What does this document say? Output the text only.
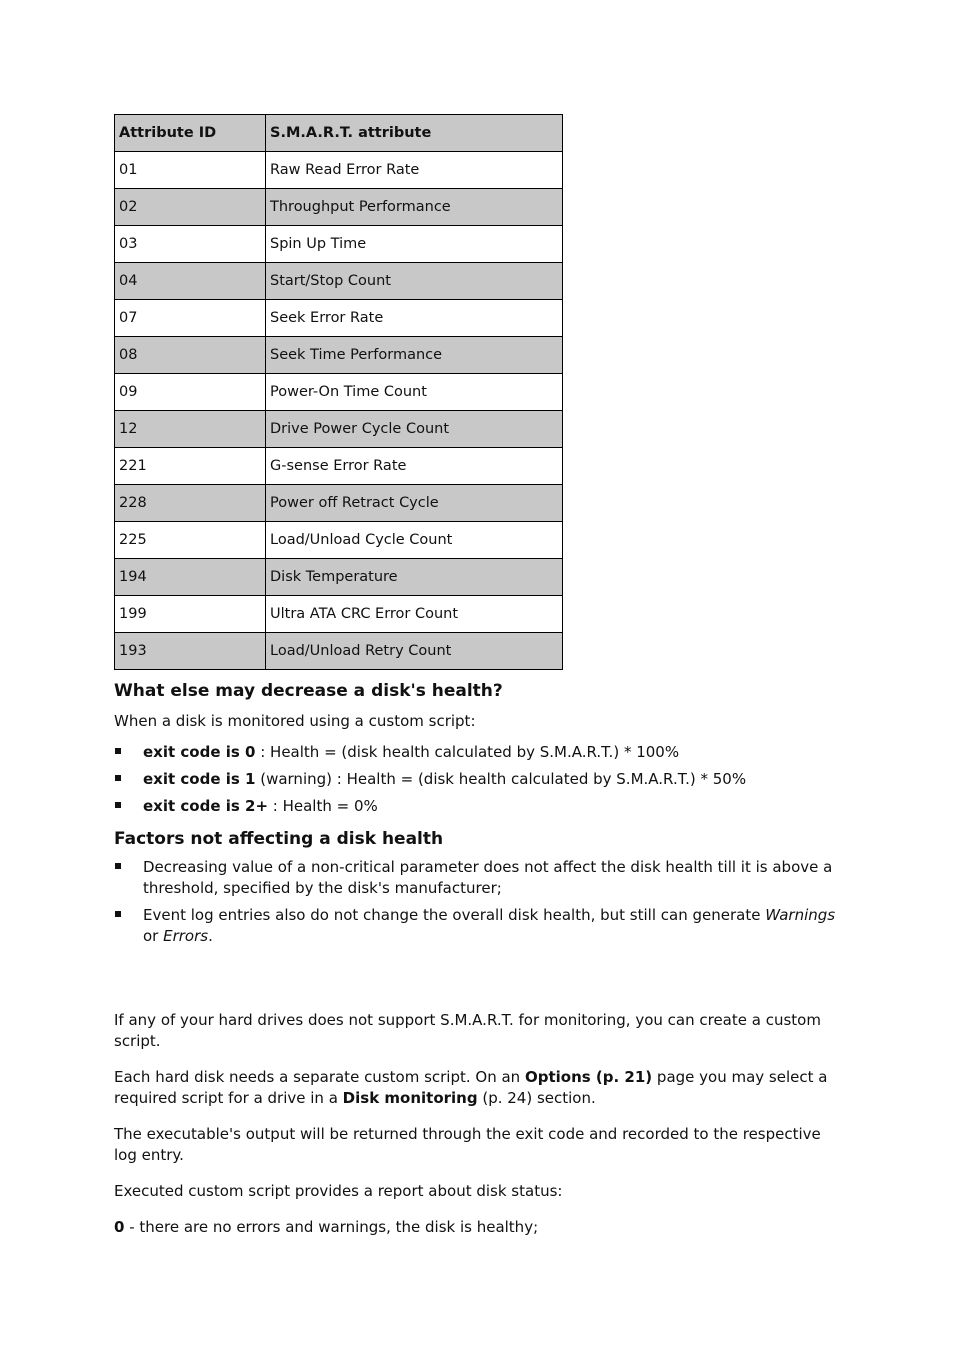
Attribute ID	S.M.A.R.T. attribute
01	Raw Read Error Rate
02	Throughput Performance
03	Spin Up Time
04	Start/Stop Count
07	Seek Error Rate
08	Seek Time Performance
09	Power-On Time Count
12	Drive Power Cycle Count
221	G-sense Error Rate
228	Power off Retract Cycle
225	Load/Unload Cycle Count
194	Disk Temperature
199	Ultra ATA CRC Error Count
193	Load/Unload Retry Count
What else may decrease a disk's health?

When a disk is monitored using a custom script:

exit code is 0 : Health = (disk health calculated by S.M.A.R.T.) * 100%
exit code is 1 (warning) : Health = (disk health calculated by S.M.A.R.T.) * 50%
exit code is 2+ : Health = 0%
Factors not affecting a disk health
Decreasing value of a non-critical parameter does not affect the disk health till it is above a threshold, specified by the disk's manufacturer;
Event log entries also do not change the overall disk health, but still can generate Warnings or Errors.

If any of your hard drives does not support S.M.A.R.T. for monitoring, you can create a custom script.

Each hard disk needs a separate custom script. On an Options (p. 21) page you may select a required script for a drive in a Disk monitoring (p. 24) section.

The executable's output will be returned through the exit code and recorded to the respective log entry.

Executed custom script provides a report about disk status:

0 - there are no errors and warnings, the disk is healthy;
